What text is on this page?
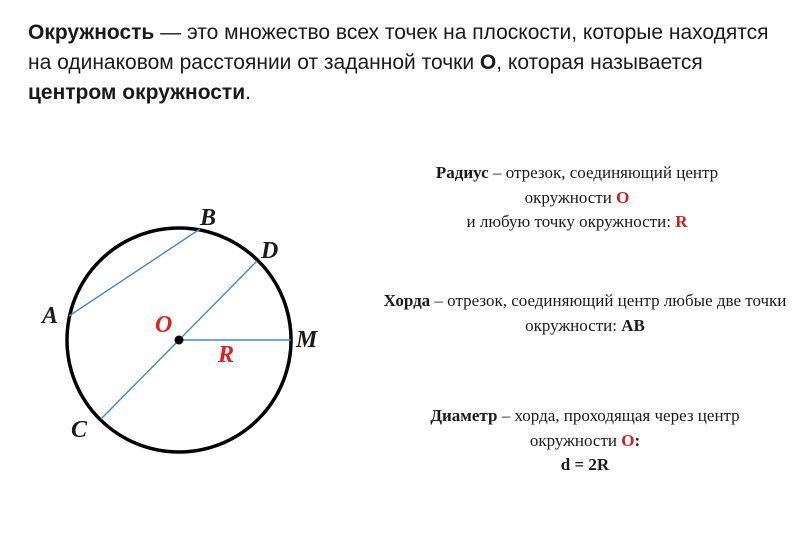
Окружность — это множество всех точек на плоскости, которые находятся на одинаковом расстоянии от заданной точки О, которая называется центром окружности.

B
D
A
M
C
O
R

Радиус – отрезок, соединяющий центр окружности О
и любую точку окружности: R

Хорда – отрезок, соединяющий центр любые две точки окружности: АВ

Диаметр – хорда, проходящая через центр окружности О:
d = 2R
